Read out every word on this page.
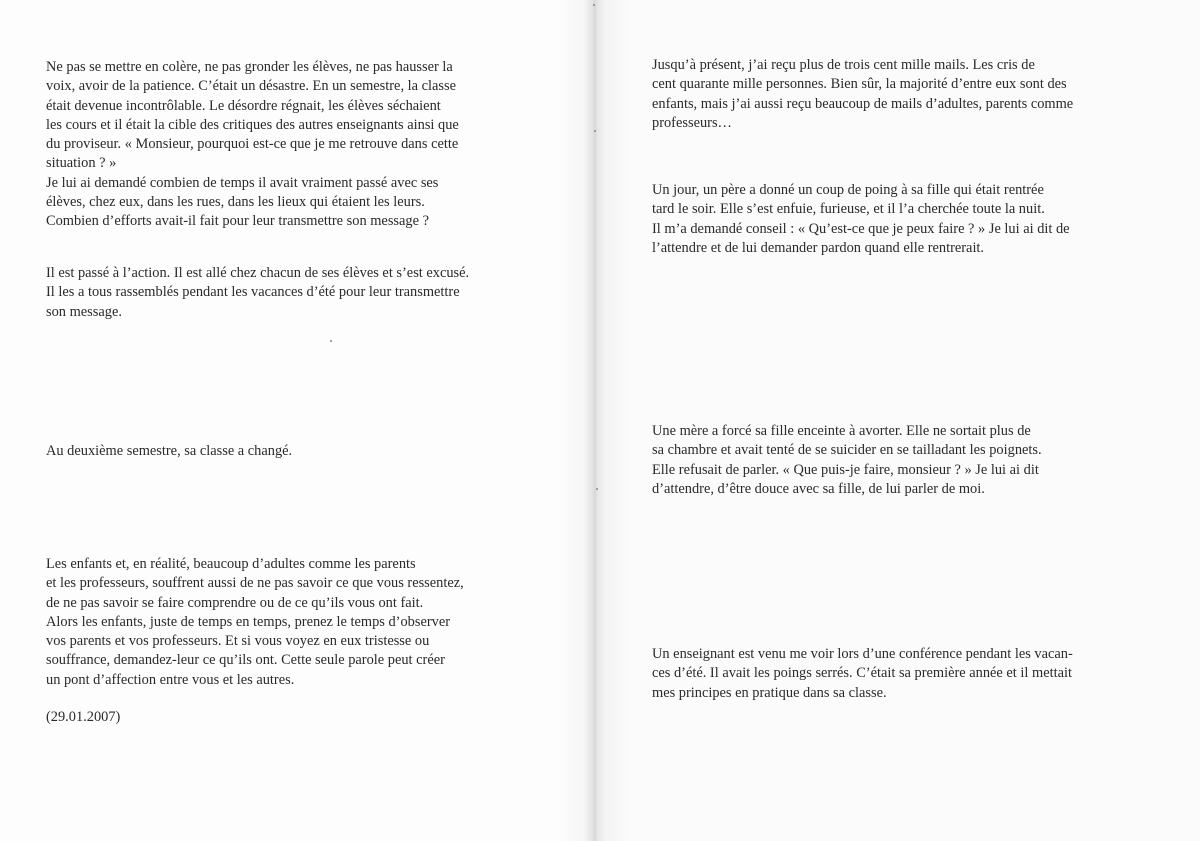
Ne pas se mettre en colère, ne pas gronder les élèves, ne pas hausser la
voix, avoir de la patience. C’était un désastre. En un semestre, la classe
était devenue incontrôlable. Le désordre régnait, les élèves séchaient
les cours et il était la cible des critiques des autres enseignants ainsi que
du proviseur. « Monsieur, pourquoi est-ce que je me retrouve dans cette
situation ? »
Je lui ai demandé combien de temps il avait vraiment passé avec ses
élèves, chez eux, dans les rues, dans les lieux qui étaient les leurs.
Combien d’efforts avait-il fait pour leur transmettre son message ?

Il est passé à l’action. Il est allé chez chacun de ses élèves et s’est excusé.
Il les a tous rassemblés pendant les vacances d’été pour leur transmettre
son message.

Au deuxième semestre, sa classe a changé.

Les enfants et, en réalité, beaucoup d’adultes comme les parents
et les professeurs, souffrent aussi de ne pas savoir ce que vous ressentez,
de ne pas savoir se faire comprendre ou de ce qu’ils vous ont fait.
Alors les enfants, juste de temps en temps, prenez le temps d’observer
vos parents et vos professeurs. Et si vous voyez en eux tristesse ou
souffrance, demandez-leur ce qu’ils ont. Cette seule parole peut créer
un pont d’affection entre vous et les autres.

(29.01.2007)

Jusqu’à présent, j’ai reçu plus de trois cent mille mails. Les cris de
cent quarante mille personnes. Bien sûr, la majorité d’entre eux sont des
enfants, mais j’ai aussi reçu beaucoup de mails d’adultes, parents comme
professeurs…

Un jour, un père a donné un coup de poing à sa fille qui était rentrée
tard le soir. Elle s’est enfuie, furieuse, et il l’a cherchée toute la nuit.
Il m’a demandé conseil : « Qu’est-ce que je peux faire ? » Je lui ai dit de
l’attendre et de lui demander pardon quand elle rentrerait.

Une mère a forcé sa fille enceinte à avorter. Elle ne sortait plus de
sa chambre et avait tenté de se suicider en se tailladant les poignets.
Elle refusait de parler. « Que puis-je faire, monsieur ? » Je lui ai dit
d’attendre, d’être douce avec sa fille, de lui parler de moi.

Un enseignant est venu me voir lors d’une conférence pendant les vacan-
ces d’été. Il avait les poings serrés. C’était sa première année et il mettait
mes principes en pratique dans sa classe.
